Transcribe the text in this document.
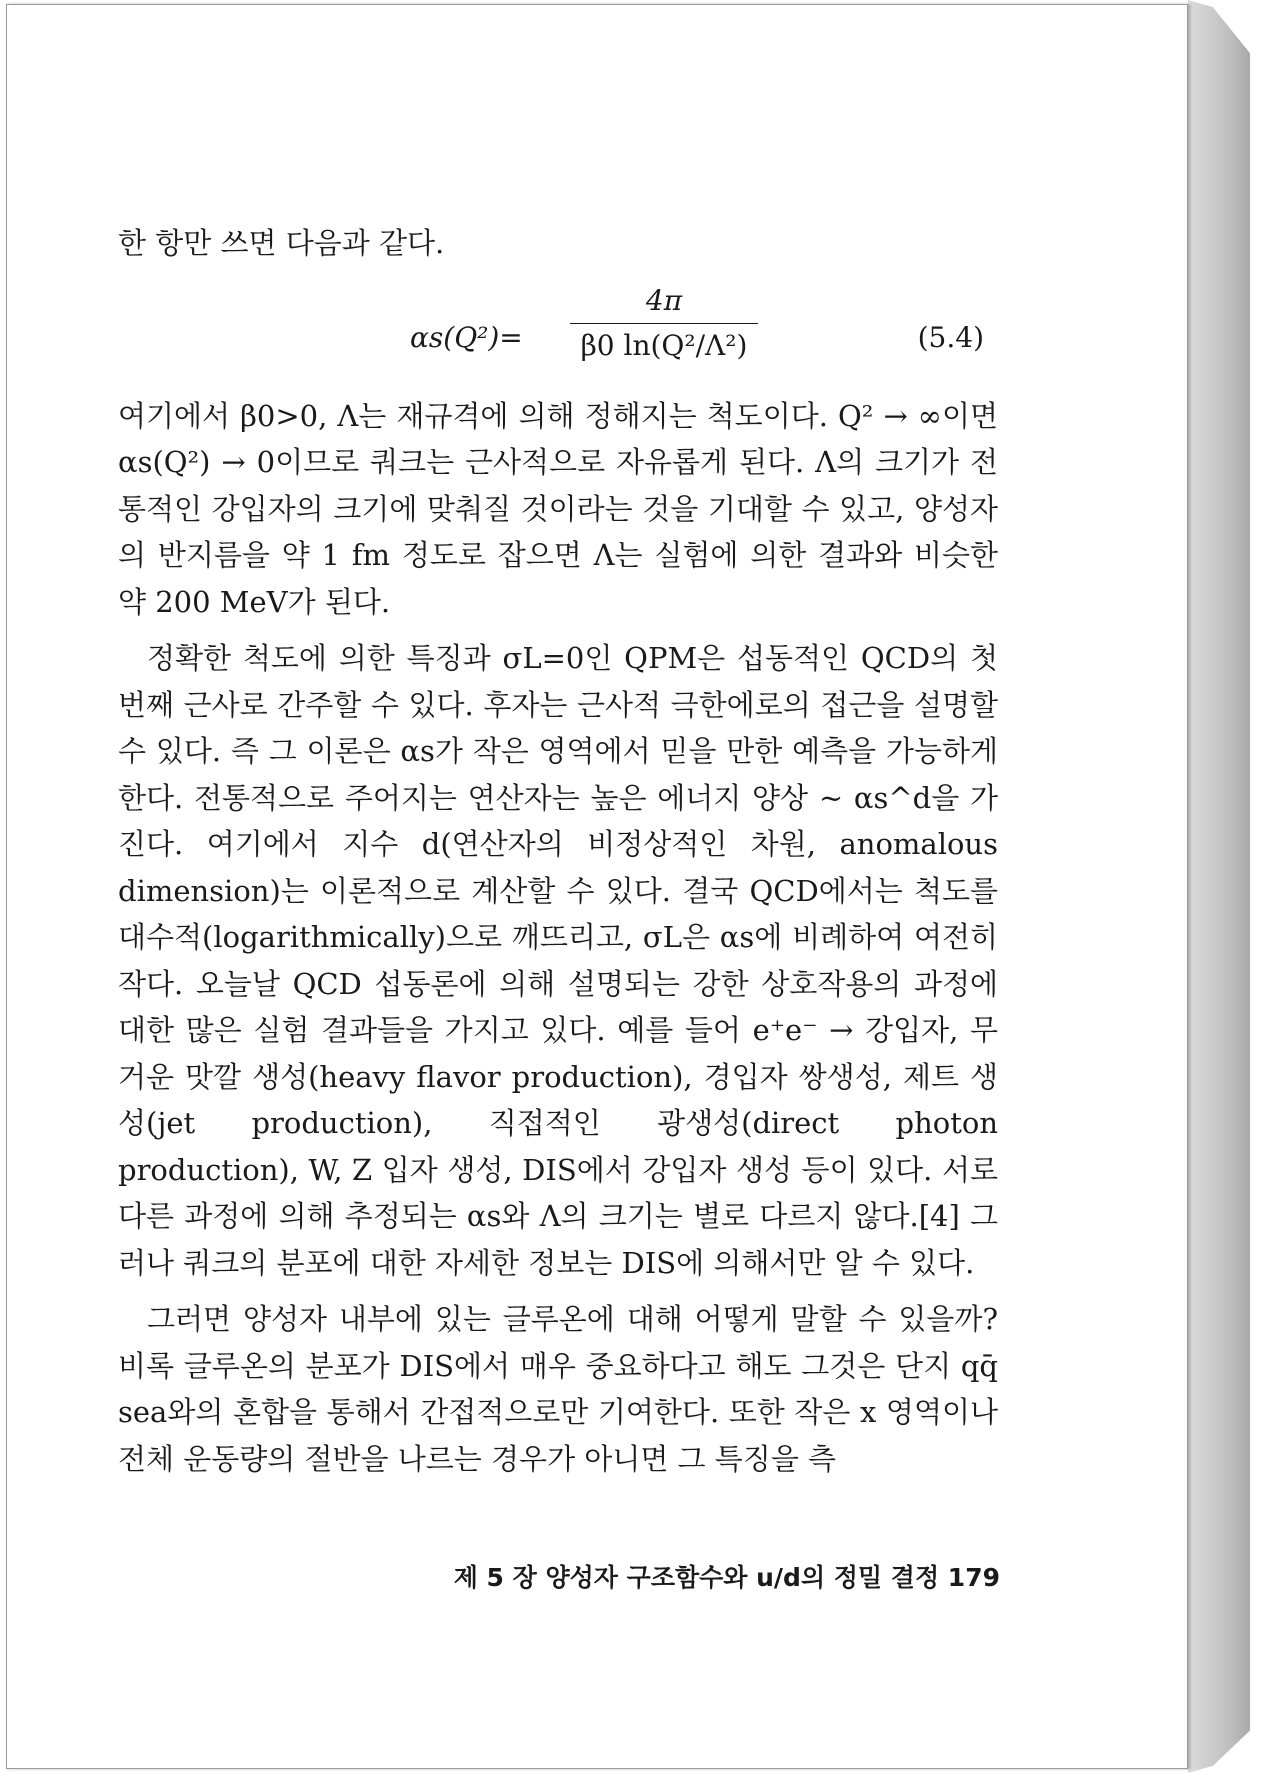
한 항만 쓰면 다음과 같다.

αs(Q²)=
4π
β0 ln(Q²/Λ²)	(5.4)

여기에서 β0>0, Λ는 재규격에 의해 정해지는 척도이다. Q² → ∞이면 αs(Q²) → 0이므로 쿼크는 근사적으로 자유롭게 된다. Λ의 크기가 전통적인 강입자의 크기에 맞춰질 것이라는 것을 기대할 수 있고, 양성자의 반지름을 약 1 fm 정도로 잡으면 Λ는 실험에 의한 결과와 비슷한 약 200 MeV가 된다.

정확한 척도에 의한 특징과 σL=0인 QPM은 섭동적인 QCD의 첫 번째 근사로 간주할 수 있다. 후자는 근사적 극한에로의 접근을 설명할 수 있다. 즉 그 이론은 αs가 작은 영역에서 믿을 만한 예측을 가능하게 한다. 전통적으로 주어지는 연산자는 높은 에너지 양상 ~ αs^d을 가진다. 여기에서 지수 d(연산자의 비정상적인 차원, anomalous dimension)는 이론적으로 계산할 수 있다. 결국 QCD에서는 척도를 대수적(logarithmically)으로 깨뜨리고, σL은 αs에 비례하여 여전히 작다. 오늘날 QCD 섭동론에 의해 설명되는 강한 상호작용의 과정에 대한 많은 실험 결과들을 가지고 있다. 예를 들어 e⁺e⁻ → 강입자, 무거운 맛깔 생성(heavy flavor production), 경입자 쌍생성, 제트 생성(jet production), 직접적인 광생성(direct photon production), W, Z 입자 생성, DIS에서 강입자 생성 등이 있다. 서로 다른 과정에 의해 추정되는 αs와 Λ의 크기는 별로 다르지 않다.[4] 그러나 쿼크의 분포에 대한 자세한 정보는 DIS에 의해서만 알 수 있다.

그러면 양성자 내부에 있는 글루온에 대해 어떻게 말할 수 있을까? 비록 글루온의 분포가 DIS에서 매우 중요하다고 해도 그것은 단지 qq̄ sea와의 혼합을 통해서 간접적으로만 기여한다. 또한 작은 x 영역이나 전체 운동량의 절반을 나르는 경우가 아니면 그 특징을 측

제 5 장 양성자 구조함수와 u/d의 정밀 결정 179
